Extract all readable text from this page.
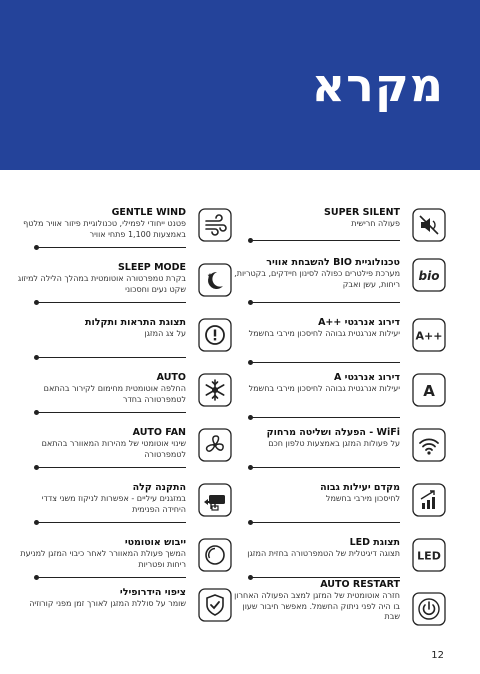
מקרא
GENTLE WIND
פטנט ייחודי לפמילי, טכנולוגיית פיזור אוויר מלטף באמצעות 1,100 פתחי אוויר
SLEEP MODE
בקרת טמפרטורה אוטומטית במהלך הלילה למיזוג שקט נעים וחסכוני
תצוגת התראות ותקלות
על צג המזגן
AUTO
החלפה אוטומטית מחימום לקירור בהתאם לטמפרטורה בחדר
AUTO FAN
שינוי אוטומטי של מהירות המאוורר בהתאם לטמפרטורה
התקנה קלה
במזגנים עיליים - אפשרות לניקוז משני צדדי היחידה הפנימית
ייבוש אוטומטי
המשך פעולת המאוורר לאחר כיבוי המזגן למניעת ריחות ופטריות
ציפוי הידרופילי
שומר על סוללת המזגן לאורך זמן מפני קורוזיה
SUPER SILENT
פעולה חרישית
bio
טכנולוגיית BIO להשבחת אוויר
מערכת פילטרים כפולה לסינון חיידקים, בקטריות, ריחות, עשן ואבק
A++
דירוג אנרגטי ++A
יעילות אנרגטית גבוהה לחיסכון מירבי בחשמל
A
דירוג אנרגטי A
יעילות אנרגטית גבוהה לחיסכון מירבי בחשמל
WiFi - הפעלה ושליטה מרחוק
על פעולות המזגן באמצעות טלפון חכם
מקדם יעילות גבוה
לחיסכון מירבי בחשמל
LED
תצוגת LED
תצוגה דיגיטלית של הטמפרטורה בחזית המזגן
AUTO RESTART
חזרה אוטומטית של המזגן למצב הפעולה האחרון בו היה לפני ניתוק החשמל. מאפשר חיבור שעון שבת
12
